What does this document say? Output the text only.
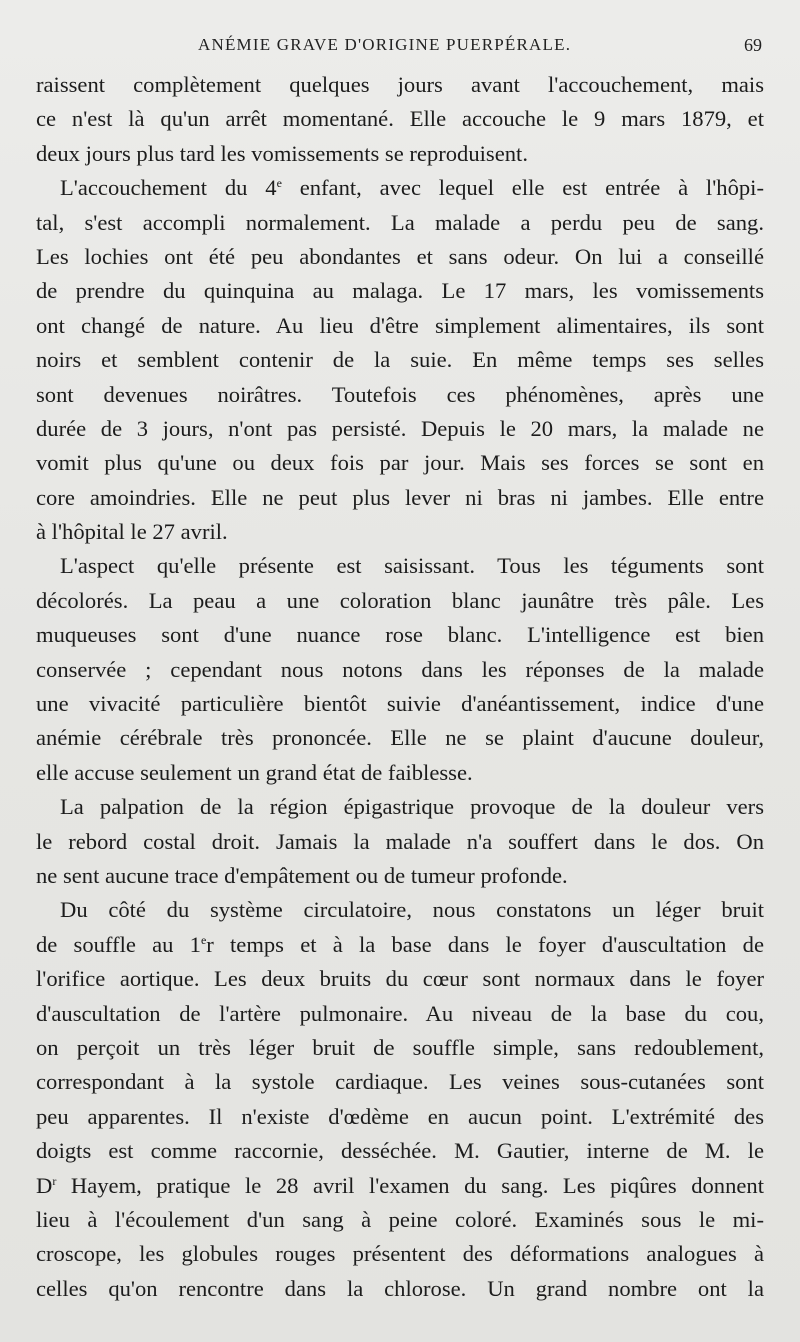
ANÉMIE GRAVE D'ORIGINE PUERPÉRALE.	69
raissent complètement quelques jours avant l'accouchement, mais
ce n'est là qu'un arrêt momentané. Elle accouche le 9 mars 1879, et
deux jours plus tard les vomissements se reproduisent.
L'accouchement du 4e enfant, avec lequel elle est entrée à l'hôpi-
tal, s'est accompli normalement. La malade a perdu peu de sang.
Les lochies ont été peu abondantes et sans odeur. On lui a conseillé
de prendre du quinquina au malaga. Le 17 mars, les vomissements
ont changé de nature. Au lieu d'être simplement alimentaires, ils sont
noirs et semblent contenir de la suie. En même temps ses selles
sont devenues noirâtres. Toutefois ces phénomènes, après une
durée de 3 jours, n'ont pas persisté. Depuis le 20 mars, la malade ne
vomit plus qu'une ou deux fois par jour. Mais ses forces se sont en
core amoindries. Elle ne peut plus lever ni bras ni jambes. Elle entre
à l'hôpital le 27 avril.
L'aspect qu'elle présente est saisissant. Tous les téguments sont
décolorés. La peau a une coloration blanc jaunâtre très pâle. Les
muqueuses sont d'une nuance rose blanc. L'intelligence est bien
conservée ; cependant nous notons dans les réponses de la malade
une vivacité particulière bientôt suivie d'anéantissement, indice d'une
anémie cérébrale très prononcée. Elle ne se plaint d'aucune douleur,
elle accuse seulement un grand état de faiblesse.
La palpation de la région épigastrique provoque de la douleur vers
le rebord costal droit. Jamais la malade n'a souffert dans le dos. On
ne sent aucune trace d'empâtement ou de tumeur profonde.
Du côté du système circulatoire, nous constatons un léger bruit
de souffle au 1er temps et à la base dans le foyer d'auscultation de
l'orifice aortique. Les deux bruits du cœur sont normaux dans le foyer
d'auscultation de l'artère pulmonaire. Au niveau de la base du cou,
on perçoit un très léger bruit de souffle simple, sans redoublement,
correspondant à la systole cardiaque. Les veines sous-cutanées sont
peu apparentes. Il n'existe d'œdème en aucun point. L'extrémité des
doigts est comme raccornie, desséchée. M. Gautier, interne de M. le
$D^r$ Hayem, pratique le 28 avril l'examen du sang. Les piqûres donnent
lieu à l'écoulement d'un sang à peine coloré. Examinés sous le mi-
croscope, les globules rouges présentent des déformations analogues à
celles qu'on rencontre dans la chlorose. Un grand nombre ont la
